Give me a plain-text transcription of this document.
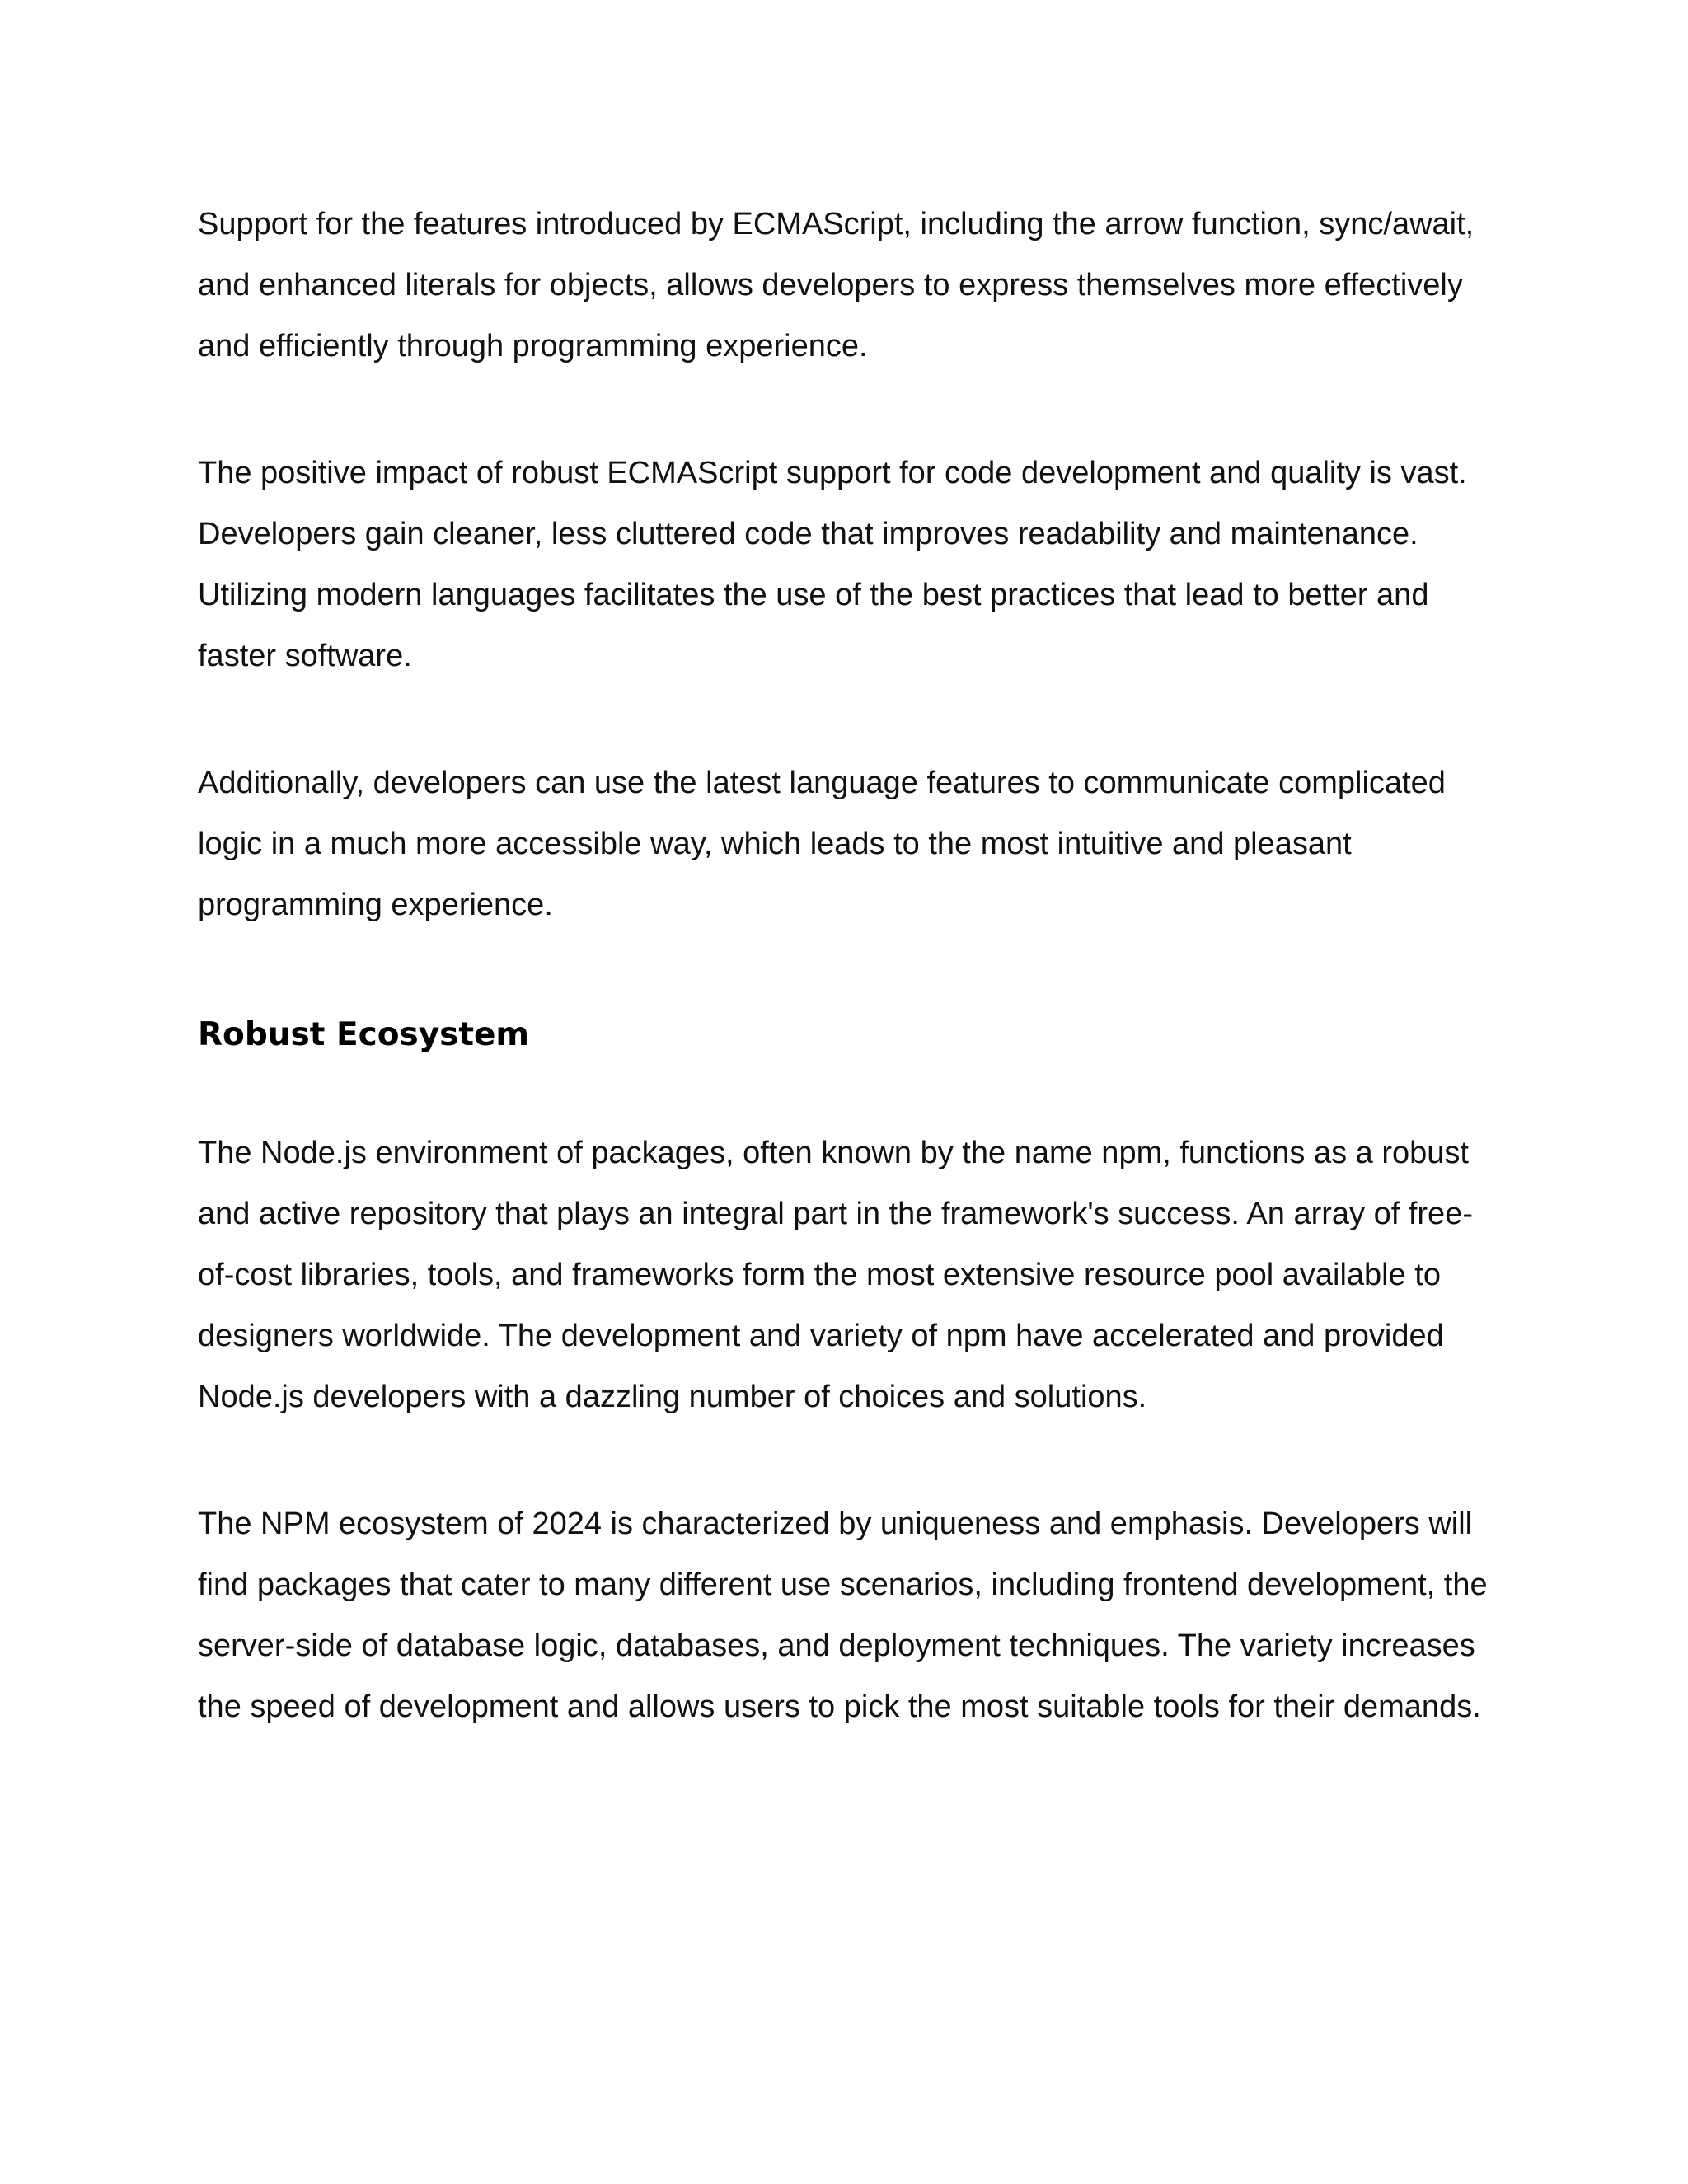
Support for the features introduced by ECMAScript, including the arrow function, sync/await, and enhanced literals for objects, allows developers to express themselves more effectively and efficiently through programming experience.

The positive impact of robust ECMAScript support for code development and quality is vast. Developers gain cleaner, less cluttered code that improves readability and maintenance. Utilizing modern languages facilitates the use of the best practices that lead to better and faster software.

Additionally, developers can use the latest language features to communicate complicated logic in a much more accessible way, which leads to the most intuitive and pleasant programming experience.

Robust Ecosystem

The Node.js environment of packages, often known by the name npm, functions as a robust and active repository that plays an integral part in the framework's success. An array of free-of-cost libraries, tools, and frameworks form the most extensive resource pool available to designers worldwide. The development and variety of npm have accelerated and provided Node.js developers with a dazzling number of choices and solutions.

The NPM ecosystem of 2024 is characterized by uniqueness and emphasis. Developers will find packages that cater to many different use scenarios, including frontend development, the server-side of database logic, databases, and deployment techniques. The variety increases the speed of development and allows users to pick the most suitable tools for their demands.
